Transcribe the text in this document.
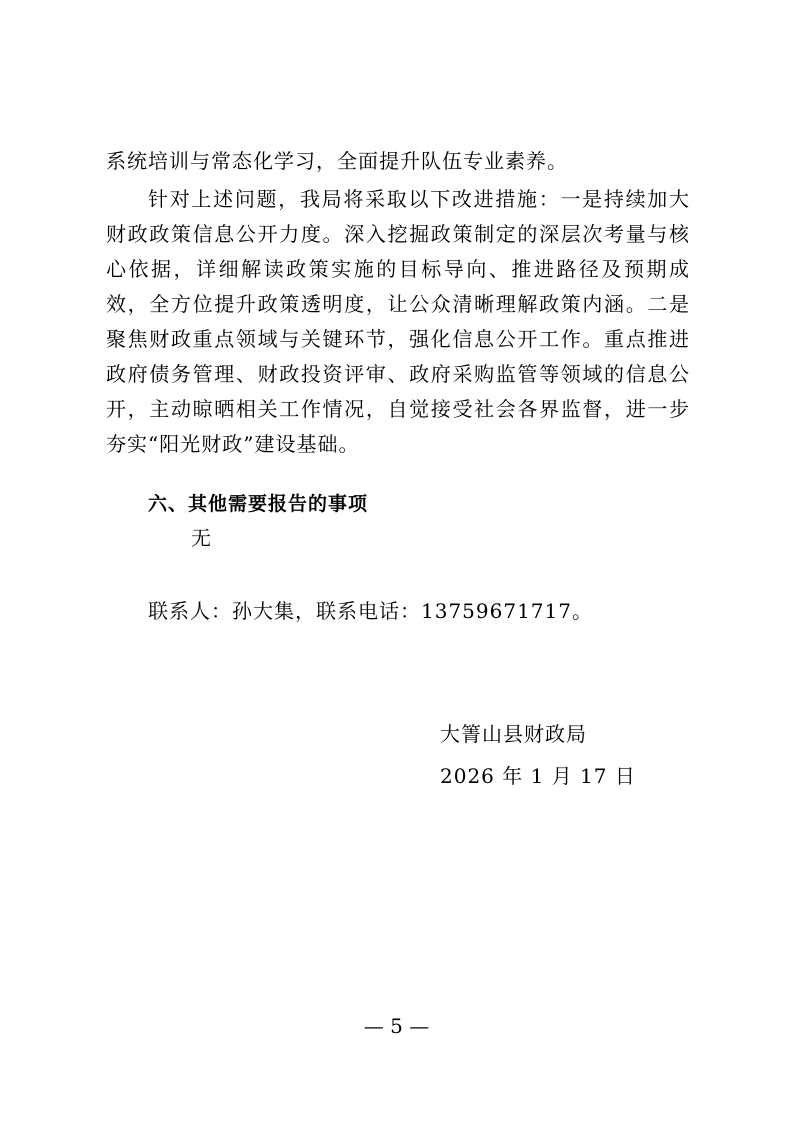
系统培训与常态化学习，全面提升队伍专业素养。
针对上述问题，我局将采取以下改进措施：一是持续加大财政政策信息公开力度。深入挖掘政策制定的深层次考量与核心依据，详细解读政策实施的目标导向、推进路径及预期成效，全方位提升政策透明度，让公众清晰理解政策内涵。二是聚焦财政重点领域与关键环节，强化信息公开工作。重点推进政府债务管理、财政投资评审、政府采购监管等领域的信息公开，主动晾晒相关工作情况，自觉接受社会各界监督，进一步夯实“阳光财政”建设基础。
六、其他需要报告的事项
无
联系人：孙大集，联系电话：13759671717。
大箐山县财政局
2026 年 1 月 17 日
— 5 —
